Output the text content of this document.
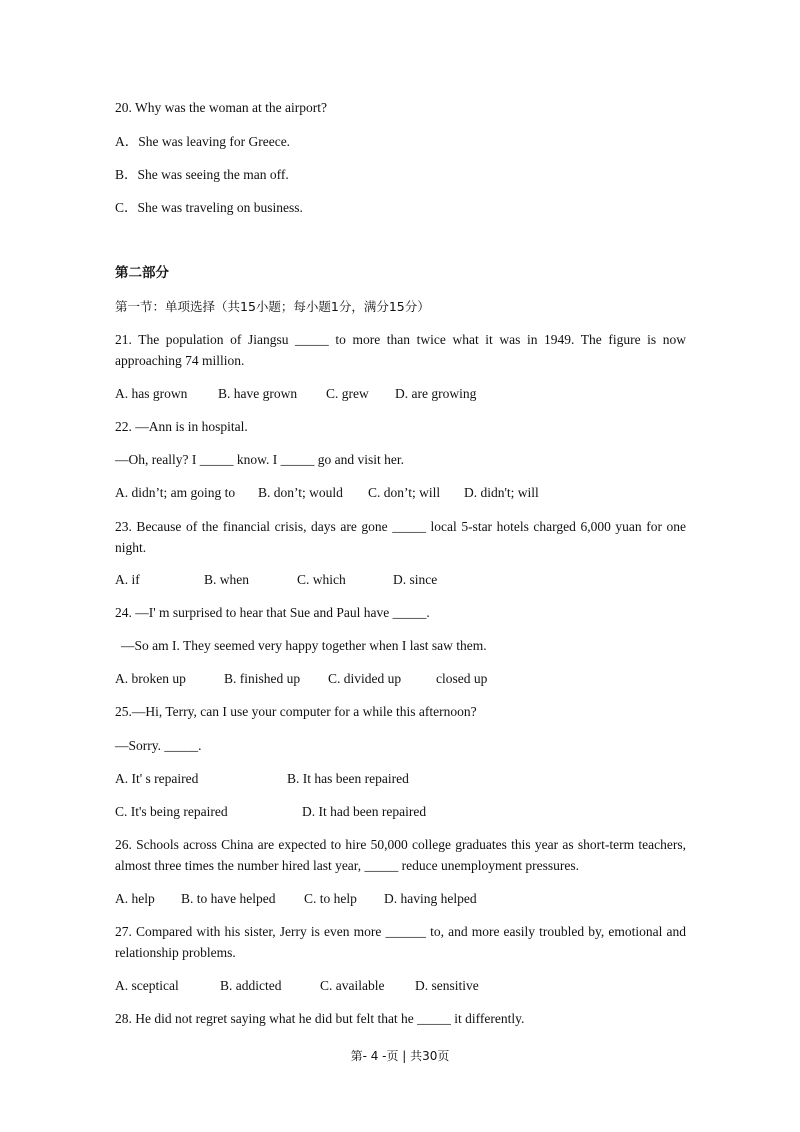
20. Why was the woman at the airport?
A．She was leaving for Greece.
B．She was seeing the man off.
C．She was traveling on business.
第二部分
第一节：单项选择（共15小题；每小题1分，满分15分）
21. The population of Jiangsu _____ to more than twice what it was in 1949. The figure is now approaching 74 million.
A. has grown B. have grown C. grew D. are growing
22. —Ann is in hospital.
—Oh, really? I _____ know. I _____ go and visit her.
A. didn’t; am going to B. don’t; would C. don’t; will D. didn't; will
23. Because of the financial crisis, days are gone _____ local 5-star hotels charged 6,000 yuan for one night.
A. if	B. when	C. which	D. since
24. —I' m surprised to hear that Sue and Paul have _____.
—So am I. They seemed very happy together when I last saw them.
A. broken up	B. finished up C. divided up	closed up
25.—Hi, Terry, can I use your computer for a while this afternoon?
—Sorry. _____.
A. It' s repaired	B. It has been repaired
C. It's being repaired	D. It had been repaired
26. Schools across China are expected to hire 50,000 college graduates this year as short-term teachers, almost three times the number hired last year, _____ reduce unemployment pressures.
A. help B. to have helped C. to help D. having helped
27. Compared with his sister, Jerry is even more ______ to, and more easily troubled by, emotional and relationship problems.
A. sceptical	B. addicted	C. available D. sensitive
28. He did not regret saying what he did but felt that he _____ it differently.
第- 4 -页 | 共30页
